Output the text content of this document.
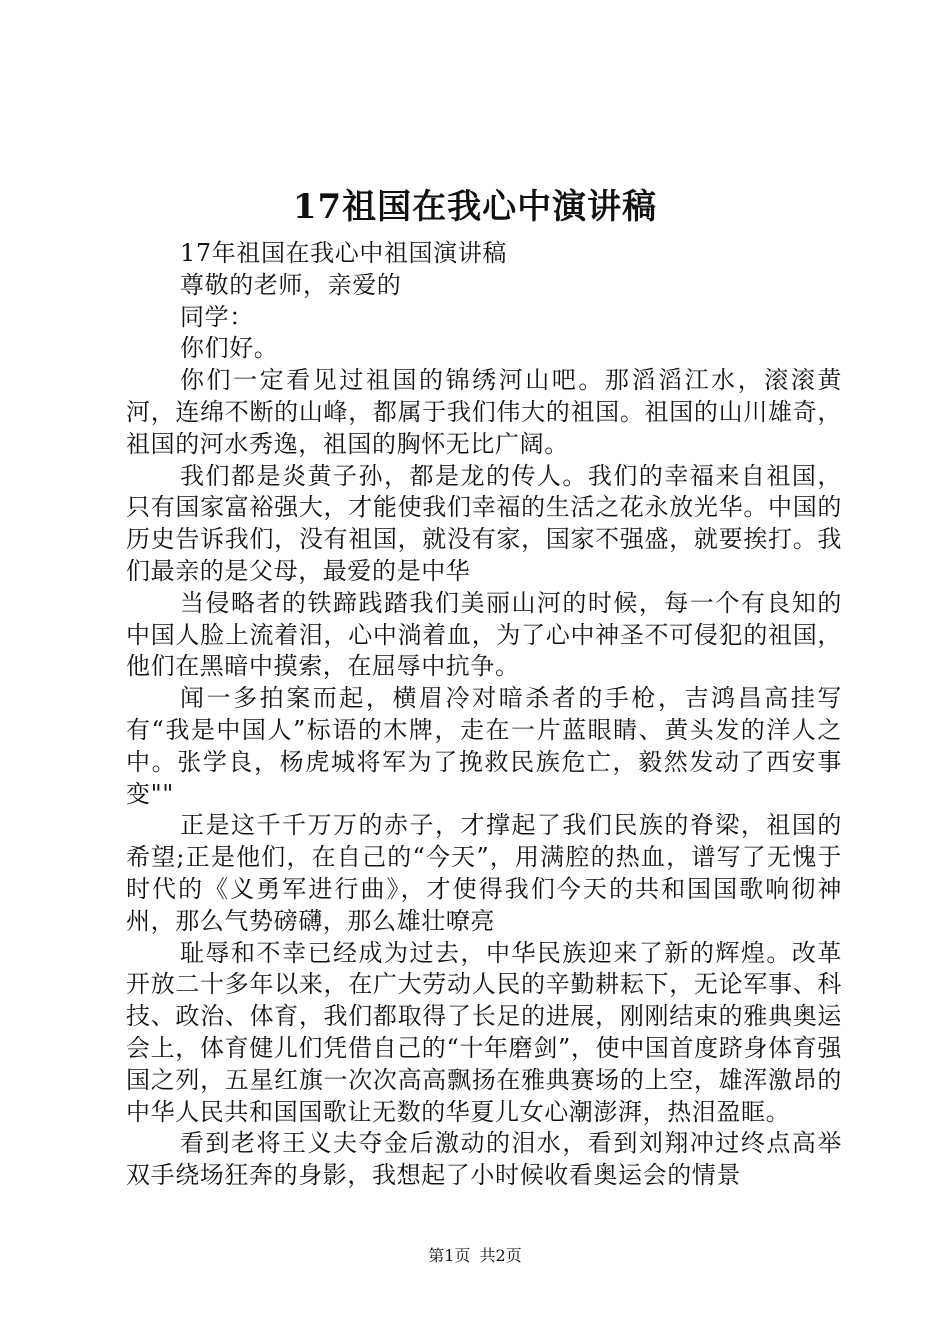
17祖国在我心中演讲稿

17年祖国在我心中祖国演讲稿

尊敬的老师，亲爱的

同学：

你们好。

你们一定看见过祖国的锦绣河山吧。那滔滔江水，滚滚黄河，连绵不断的山峰，都属于我们伟大的祖国。祖国的山川雄奇，祖国的河水秀逸，祖国的胸怀无比广阔。

我们都是炎黄子孙，都是龙的传人。我们的幸福来自祖国，只有国家富裕强大，才能使我们幸福的生活之花永放光华。中国的历史告诉我们，没有祖国，就没有家，国家不强盛，就要挨打。我们最亲的是父母，最爱的是中华

当侵略者的铁蹄践踏我们美丽山河的时候，每一个有良知的中国人脸上流着泪，心中淌着血，为了心中神圣不可侵犯的祖国，他们在黑暗中摸索，在屈辱中抗争。

闻一多拍案而起，横眉冷对暗杀者的手枪，吉鸿昌高挂写有“我是中国人”标语的木牌，走在一片蓝眼睛、黄头发的洋人之中。张学良，杨虎城将军为了挽救民族危亡，毅然发动了西安事变""

正是这千千万万的赤子，才撑起了我们民族的脊梁，祖国的希望;正是他们，在自己的“今天”，用满腔的热血，谱写了无愧于时代的《义勇军进行曲》，才使得我们今天的共和国国歌响彻神州，那么气势磅礴，那么雄壮嘹亮

耻辱和不幸已经成为过去，中华民族迎来了新的辉煌。改革开放二十多年以来，在广大劳动人民的辛勤耕耘下，无论军事、科技、政治、体育，我们都取得了长足的进展，刚刚结束的雅典奥运会上，体育健儿们凭借自己的“十年磨剑”，使中国首度跻身体育强国之列，五星红旗一次次高高飘扬在雅典赛场的上空，雄浑激昂的中华人民共和国国歌让无数的华夏儿女心潮澎湃，热泪盈眶。

看到老将王义夫夺金后激动的泪水，看到刘翔冲过终点高举双手绕场狂奔的身影，我想起了小时候收看奥运会的情景

第1页 共2页
